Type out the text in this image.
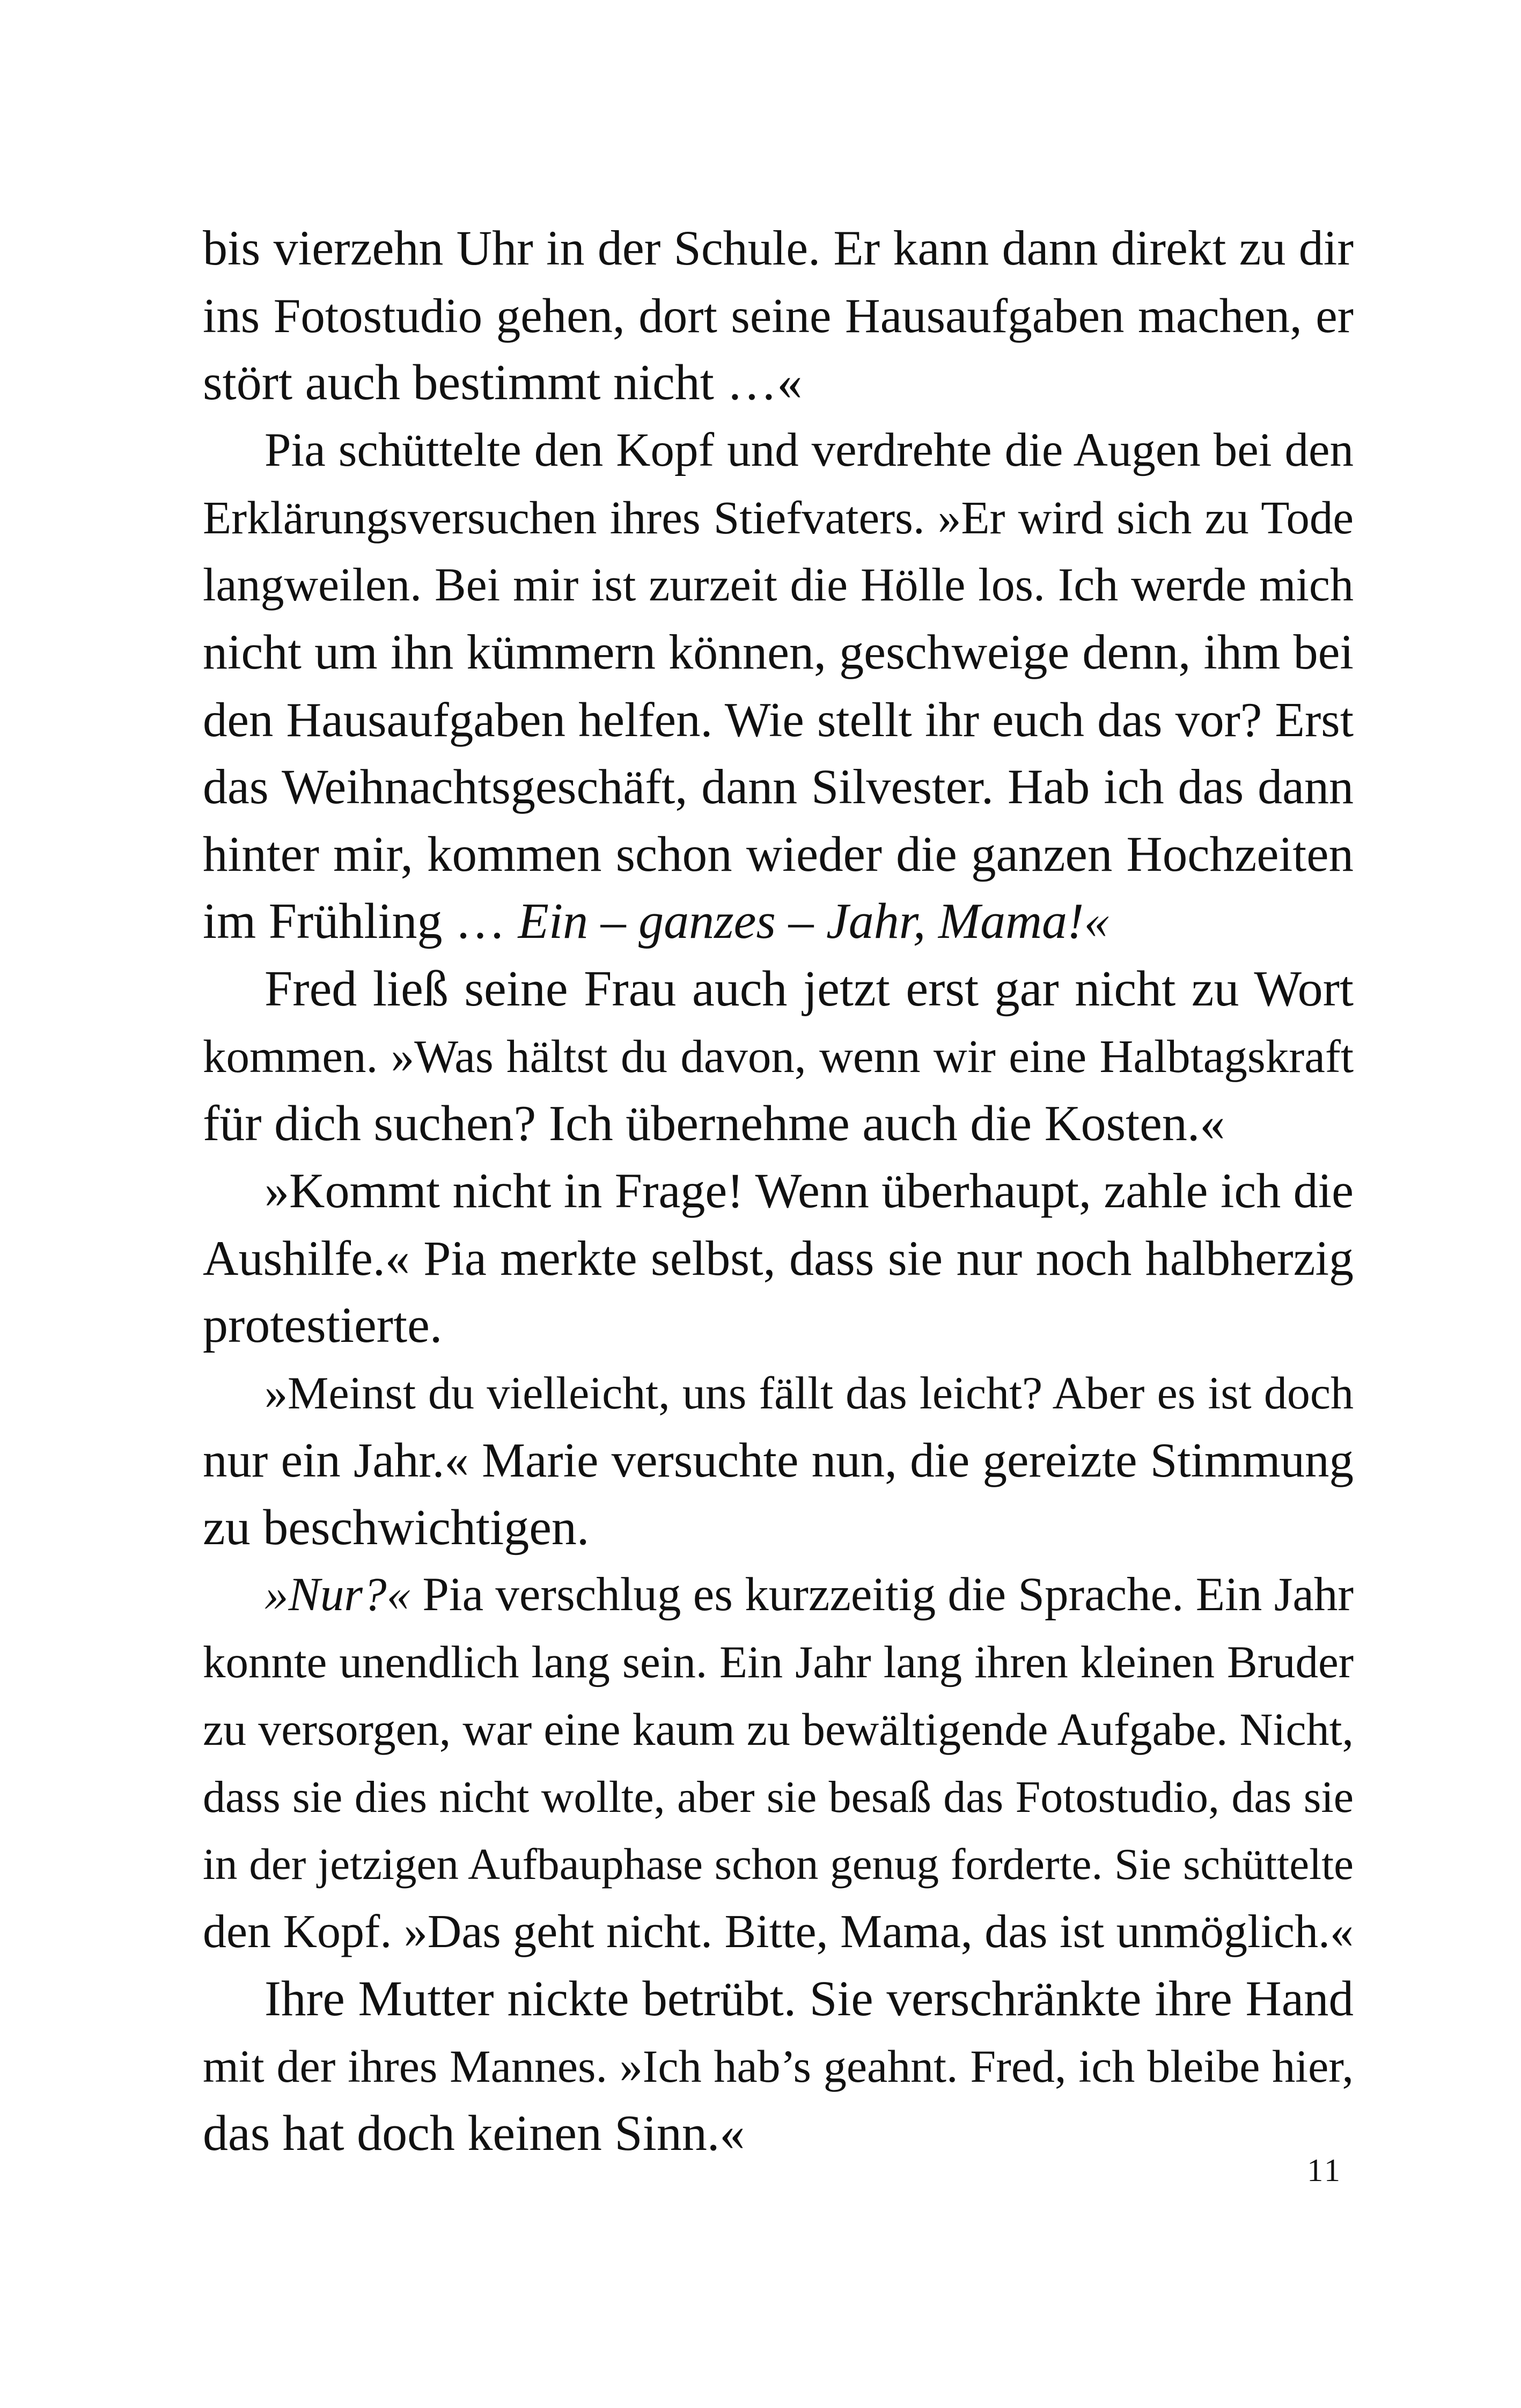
bis vierzehn Uhr in der Schule. Er kann dann direkt zu dir
ins Fotostudio gehen, dort seine Hausaufgaben machen, er
stört auch bestimmt nicht …«
Pia schüttelte den Kopf und verdrehte die Augen bei den
Erklärungsversuchen ihres Stiefvaters. »Er wird sich zu Tode
langweilen. Bei mir ist zurzeit die Hölle los. Ich werde mich
nicht um ihn kümmern können, geschweige denn, ihm bei
den Hausaufgaben helfen. Wie stellt ihr euch das vor? Erst
das Weihnachtsgeschäft, dann Silvester. Hab ich das dann
hinter mir, kommen schon wieder die ganzen Hochzeiten
im Frühling … Ein – ganzes – Jahr, Mama!«
Fred ließ seine Frau auch jetzt erst gar nicht zu Wort
kommen. »Was hältst du davon, wenn wir eine Halbtagskraft
für dich suchen? Ich übernehme auch die Kosten.«
»Kommt nicht in Frage! Wenn überhaupt, zahle ich die
Aushilfe.« Pia merkte selbst, dass sie nur noch halbherzig
protestierte.
»Meinst du vielleicht, uns fällt das leicht? Aber es ist doch
nur ein Jahr.« Marie versuchte nun, die gereizte Stimmung
zu beschwichtigen.
»Nur?« Pia verschlug es kurzzeitig die Sprache. Ein Jahr
konnte unendlich lang sein. Ein Jahr lang ihren kleinen Bruder
zu versorgen, war eine kaum zu bewältigende Aufgabe. Nicht,
dass sie dies nicht wollte, aber sie besaß das Fotostudio, das sie
in der jetzigen Aufbauphase schon genug forderte. Sie schüttelte
den Kopf. »Das geht nicht. Bitte, Mama, das ist unmöglich.«
Ihre Mutter nickte betrübt. Sie verschränkte ihre Hand
mit der ihres Mannes. »Ich hab’s geahnt. Fred, ich bleibe hier,
das hat doch keinen Sinn.«
11
